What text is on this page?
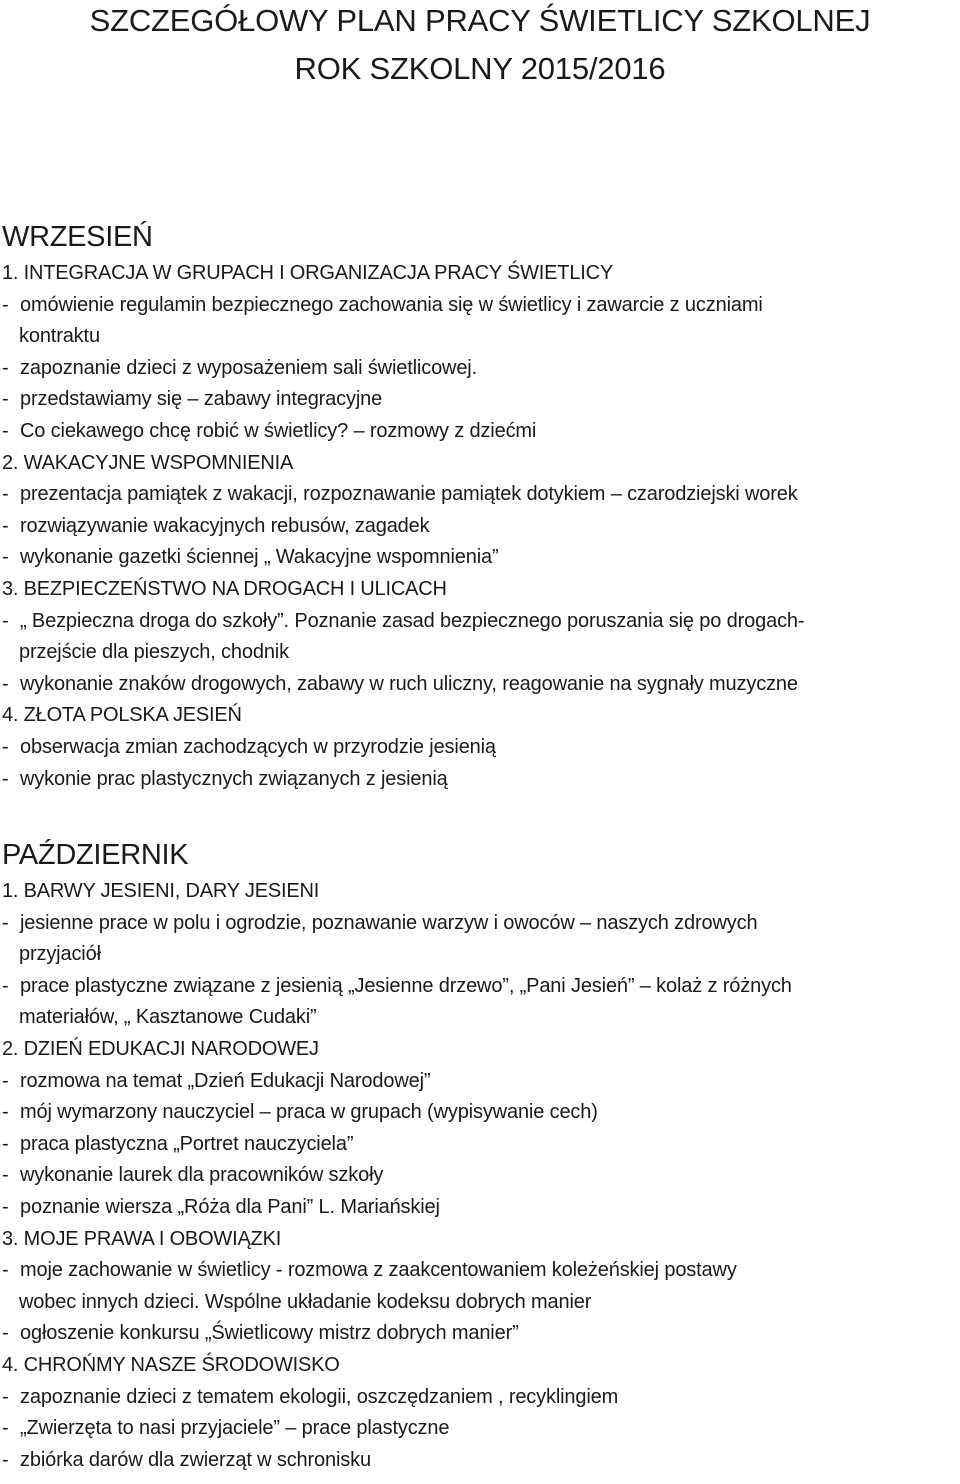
SZCZEGÓŁOWY PLAN PRACY ŚWIETLICY SZKOLNEJ
ROK SZKOLNY 2015/2016
WRZESIEŃ
1. INTEGRACJA W GRUPACH I ORGANIZACJA PRACY ŚWIETLICY
- omówienie regulamin bezpiecznego zachowania się w świetlicy i zawarcie z uczniami
kontraktu
- zapoznanie dzieci z wyposażeniem sali świetlicowej.
- przedstawiamy się – zabawy integracyjne
- Co ciekawego chcę robić w świetlicy? – rozmowy z dziećmi
2. WAKACYJNE WSPOMNIENIA
- prezentacja pamiątek z wakacji, rozpoznawanie pamiątek dotykiem – czarodziejski worek
- rozwiązywanie wakacyjnych rebusów, zagadek
- wykonanie gazetki ściennej „ Wakacyjne wspomnienia”
3. BEZPIECZEŃSTWO NA DROGACH I ULICACH
- „ Bezpieczna droga do szkoły”. Poznanie zasad bezpiecznego poruszania się po drogach-
przejście dla pieszych, chodnik
- wykonanie znaków drogowych, zabawy w ruch uliczny, reagowanie na sygnały muzyczne
4. ZŁOTA POLSKA JESIEŃ
- obserwacja zmian zachodzących w przyrodzie jesienią
- wykonie prac plastycznych związanych z jesienią
PAŹDZIERNIK
1. BARWY JESIENI, DARY JESIENI
- jesienne prace w polu i ogrodzie, poznawanie warzyw i owoców – naszych zdrowych
przyjaciół
- prace plastyczne związane z jesienią „Jesienne drzewo”, „Pani Jesień” – kolaż z różnych
materiałów, „ Kasztanowe Cudaki”
2. DZIEŃ EDUKACJI NARODOWEJ
- rozmowa na temat „Dzień Edukacji Narodowej”
- mój wymarzony nauczyciel – praca w grupach (wypisywanie cech)
- praca plastyczna „Portret nauczyciela”
- wykonanie laurek dla pracowników szkoły
- poznanie wiersza „Róża dla Pani” L. Mariańskiej
3. MOJE PRAWA I OBOWIĄZKI
- moje zachowanie w świetlicy - rozmowa z zaakcentowaniem koleżeńskiej postawy
wobec innych dzieci. Wspólne układanie kodeksu dobrych manier
- ogłoszenie konkursu „Świetlicowy mistrz dobrych manier”
4. CHROŃMY NASZE ŚRODOWISKO
- zapoznanie dzieci z tematem ekologii, oszczędzaniem , recyklingiem
- „Zwierzęta to nasi przyjaciele” – prace plastyczne
- zbiórka darów dla zwierząt w schronisku
